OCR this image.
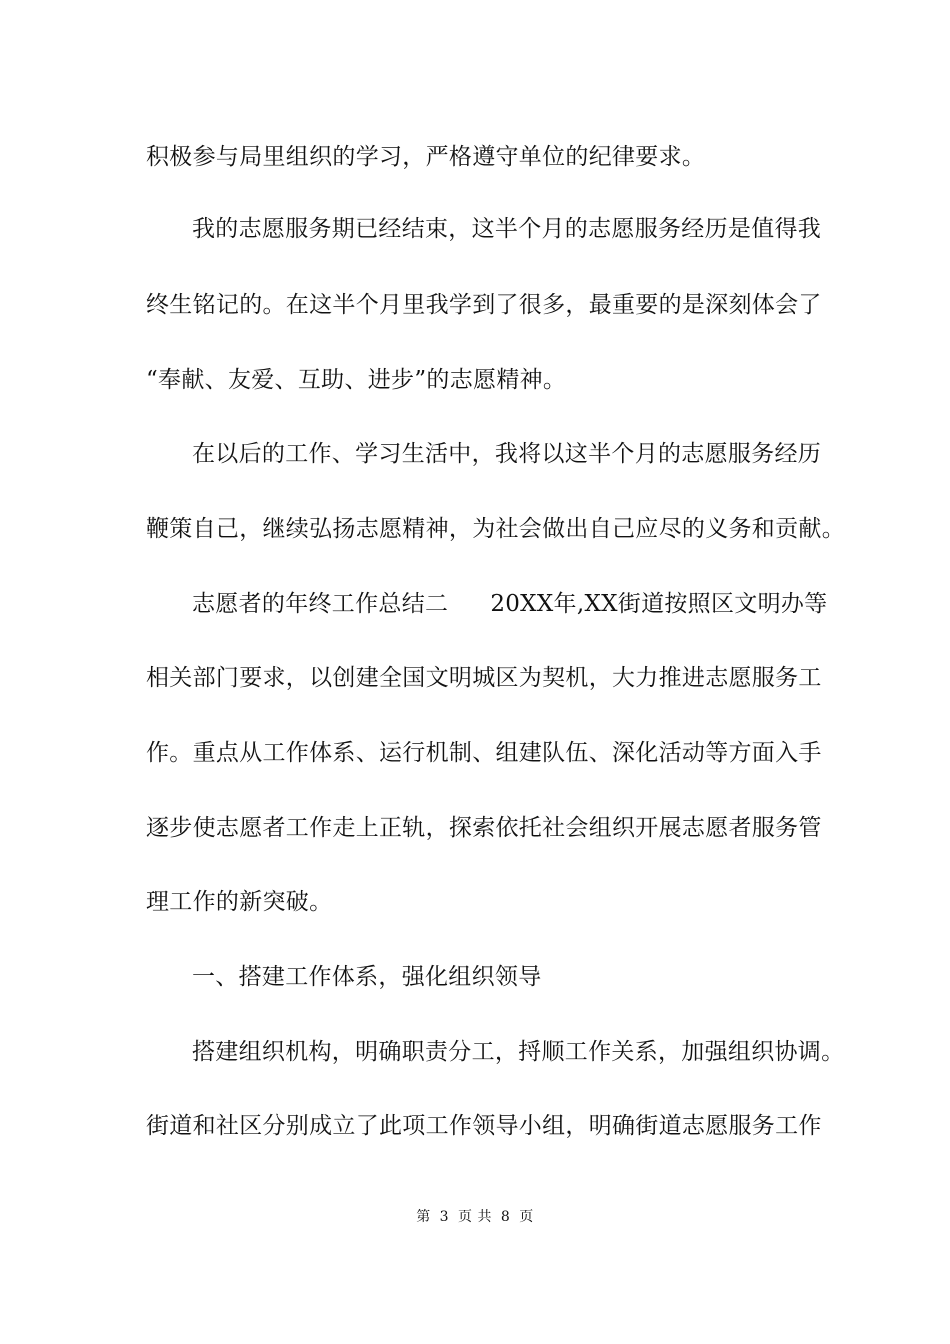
积极参与局里组织的学习，严格遵守单位的纪律要求。
我的志愿服务期已经结束，这半个月的志愿服务经历是值得我
终生铭记的。在这半个月里我学到了很多，最重要的是深刻体会了
“奉献、友爱、互助、进步”的志愿精神。
在以后的工作、学习生活中，我将以这半个月的志愿服务经历
鞭策自己，继续弘扬志愿精神，为社会做出自己应尽的义务和贡献。
志愿者的年终工作总结二 20XX年,XX街道按照区文明办等
相关部门要求，以创建全国文明城区为契机，大力推进志愿服务工
作。重点从工作体系、运行机制、组建队伍、深化活动等方面入手
逐步使志愿者工作走上正轨，探索依托社会组织开展志愿者服务管
理工作的新突破。
一、搭建工作体系，强化组织领导
搭建组织机构，明确职责分工，捋顺工作关系，加强组织协调。
街道和社区分别成立了此项工作领导小组，明确街道志愿服务工作
第 3 页 共 8 页
